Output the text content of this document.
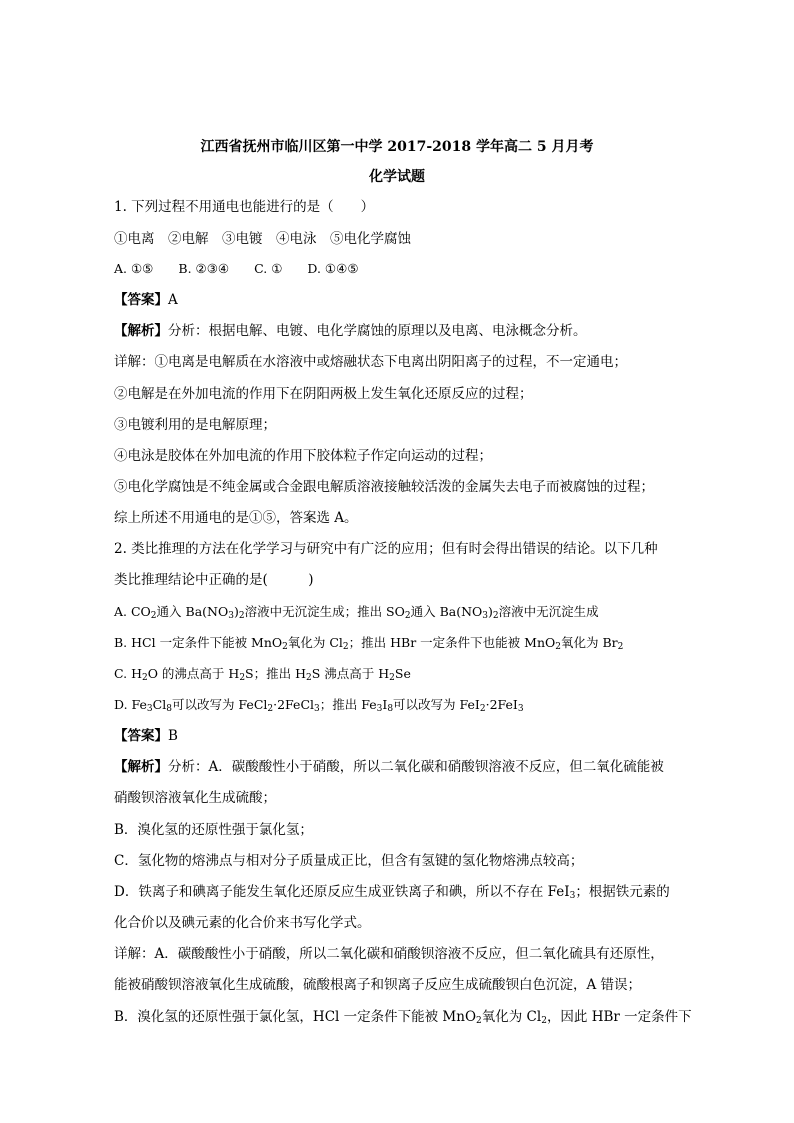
江西省抚州市临川区第一中学 2017-2018 学年高二 5 月月考
化学试题
1. 下列过程不用通电也能进行的是（　　）
①电离　②电解　③电镀　④电泳　⑤电化学腐蚀
A. ①⑤　　B. ②③④　　C. ①　　D. ①④⑤
【答案】A
【解析】分析：根据电解、电镀、电化学腐蚀的原理以及电离、电泳概念分析。
详解：①电离是电解质在水溶液中或熔融状态下电离出阴阳离子的过程，不一定通电；
②电解是在外加电流的作用下在阴阳两极上发生氧化还原反应的过程；
③电镀利用的是电解原理；
④电泳是胶体在外加电流的作用下胶体粒子作定向运动的过程；
⑤电化学腐蚀是不纯金属或合金跟电解质溶液接触较活泼的金属失去电子而被腐蚀的过程；
综上所述不用通电的是①⑤，答案选 A。
2. 类比推理的方法在化学学习与研究中有广泛的应用；但有时会得出错误的结论。以下几种
类比推理结论中正确的是(　　　)
A. $CO_2$通入 $Ba(NO_3)_2$溶液中无沉淀生成；推出 $SO_2$通入 $Ba(NO_3)_2$溶液中无沉淀生成
B. HCl 一定条件下能被 MnO$_2$氧化为 $Cl_2$；推出 HBr 一定条件下也能被 MnO$_2$氧化为 $Br_2$
C. $H_2O$ 的沸点高于 $H_2S$；推出 $H_2S$ 沸点高于 $H_2Se$
D. $Fe_3Cl_8$可以改写为 FeCl$_2$·2FeCl$_3$；推出 $Fe_3I_8$可以改写为 FeI$_2$·2FeI$_3$
【答案】B
【解析】分析：A．碳酸酸性小于硝酸，所以二氧化碳和硝酸钡溶液不反应，但二氧化硫能被
硝酸钡溶液氧化生成硫酸；
B．溴化氢的还原性强于氯化氢；
C．氢化物的熔沸点与相对分子质量成正比，但含有氢键的氢化物熔沸点较高；
D．铁离子和碘离子能发生氧化还原反应生成亚铁离子和碘，所以不存在 FeI$_3$；根据铁元素的
化合价以及碘元素的化合价来书写化学式。
详解：A．碳酸酸性小于硝酸，所以二氧化碳和硝酸钡溶液不反应，但二氧化硫具有还原性，
能被硝酸钡溶液氧化生成硫酸，硫酸根离子和钡离子反应生成硫酸钡白色沉淀，A 错误；
B．溴化氢的还原性强于氯化氢，HCl 一定条件下能被 MnO$_2$氧化为 $Cl_2$，因此 HBr 一定条件下
